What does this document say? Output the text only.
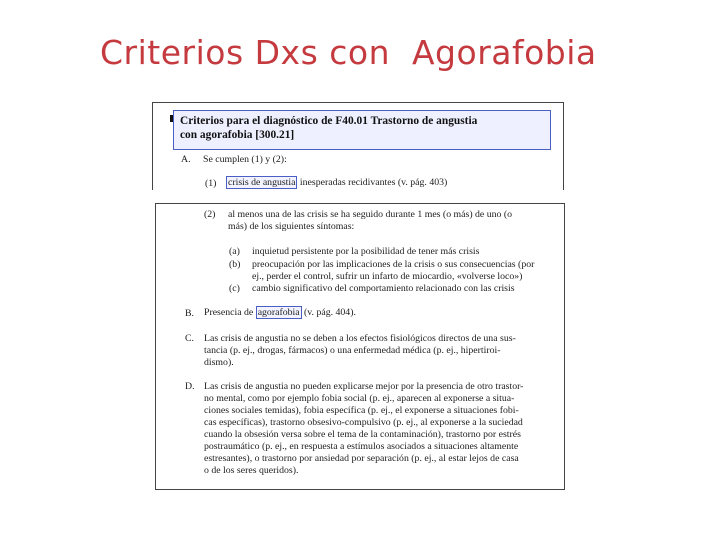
Criterios Dxs con  Agorafobia
Criterios para el diagnóstico de F40.01 Trastorno de angustia
con agorafobia [300.21]
A. Se cumplen (1) y (2):
(1) crisis de angustia inesperadas recidivantes (v. pág. 403)
(2) al menos una de las crisis se ha seguido durante 1 mes (o más) de uno (o
más) de los siguientes síntomas:
(a) inquietud persistente por la posibilidad de tener más crisis
(b) preocupación por las implicaciones de la crisis o sus consecuencias (por
ej., perder el control, sufrir un infarto de miocardio, «volverse loco»)
(c) cambio significativo del comportamiento relacionado con las crisis
B. Presencia de agorafobia (v. pág. 404).
C. Las crisis de angustia no se deben a los efectos fisiológicos directos de una sus-
tancia (p. ej., drogas, fármacos) o una enfermedad médica (p. ej., hipertiroi-
dismo).
D. Las crisis de angustia no pueden explicarse mejor por la presencia de otro trastor-
no mental, como por ejemplo fobia social (p. ej., aparecen al exponerse a situa-
ciones sociales temidas), fobia específica (p. ej., el exponerse a situaciones fobi-
cas específicas), trastorno obsesivo-compulsivo (p. ej., al exponerse a la suciedad
cuando la obsesión versa sobre el tema de la contaminación), trastorno por estrés
postraumático (p. ej., en respuesta a estímulos asociados a situaciones altamente
estresantes), o trastorno por ansiedad por separación (p. ej., al estar lejos de casa
o de los seres queridos).
